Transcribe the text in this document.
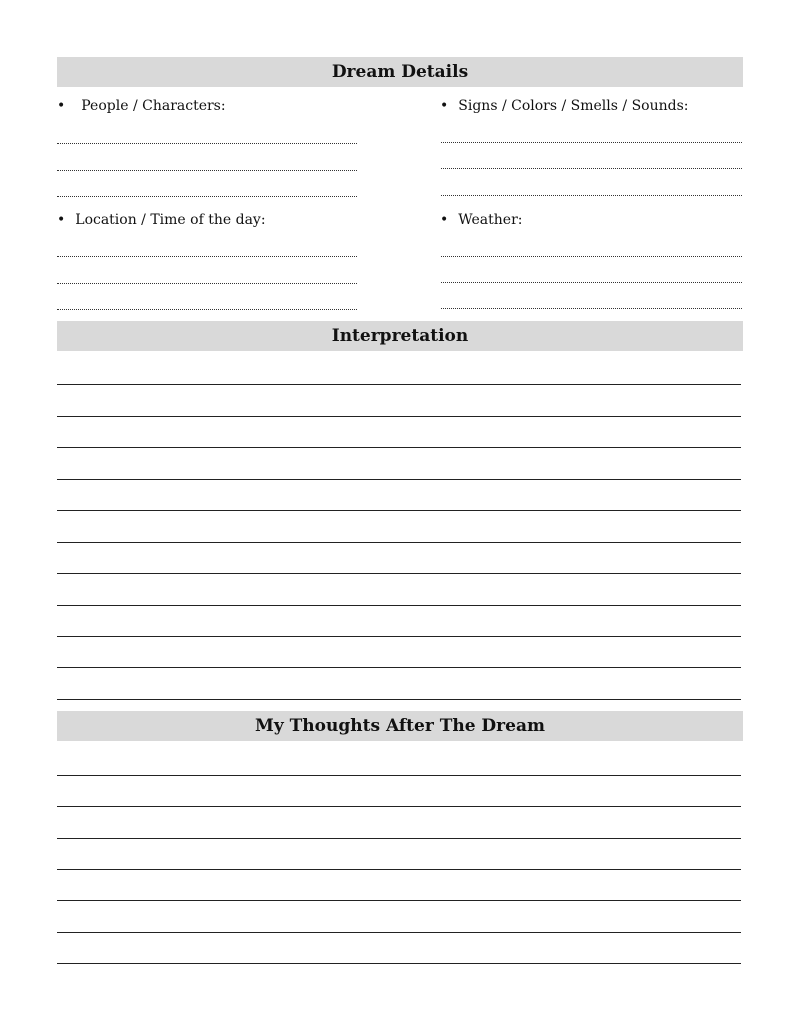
Dream Details
• People / Characters:	• Signs / Colors / Smells / Sounds:
• Location / Time of the day:	• Weather:
Interpretation
My Thoughts After The Dream
